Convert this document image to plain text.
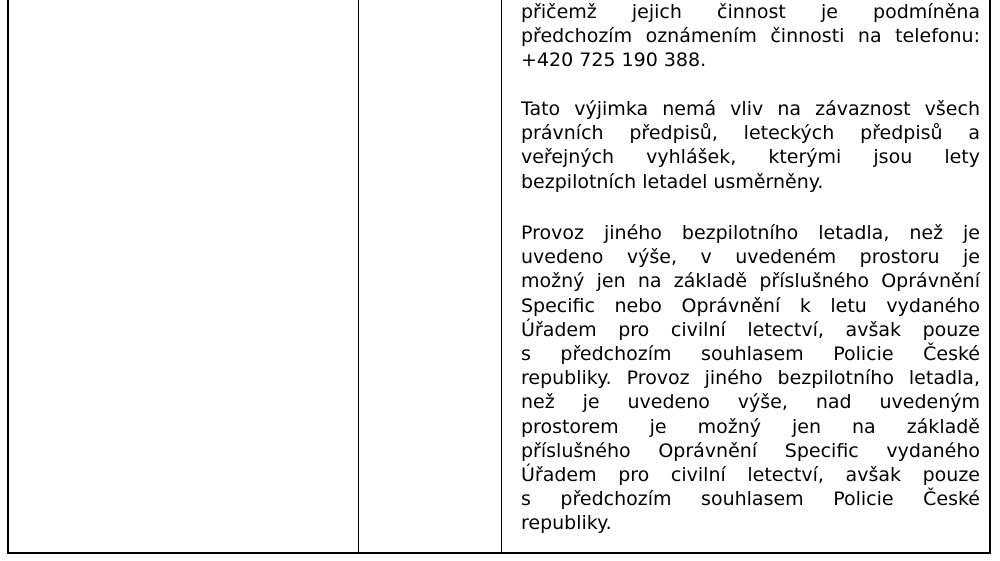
přičemž jejich činnost je podmíněna
předchozím oznámením činnosti na telefonu:
+420 725 190 388.
Tato výjimka nemá vliv na závaznost všech
právních předpisů, leteckých předpisů a
veřejných vyhlášek, kterými jsou lety
bezpilotních letadel usměrněny.
Provoz jiného bezpilotního letadla, než je
uvedeno výše, v uvedeném prostoru je
možný jen na základě příslušného Oprávnění
Specific nebo Oprávnění k letu vydaného
Úřadem pro civilní letectví, avšak pouze
s předchozím souhlasem Policie České
republiky. Provoz jiného bezpilotního letadla,
než je uvedeno výše, nad uvedeným
prostorem je možný jen na základě
příslušného Oprávnění Specific vydaného
Úřadem pro civilní letectví, avšak pouze
s předchozím souhlasem Policie České
republiky.
